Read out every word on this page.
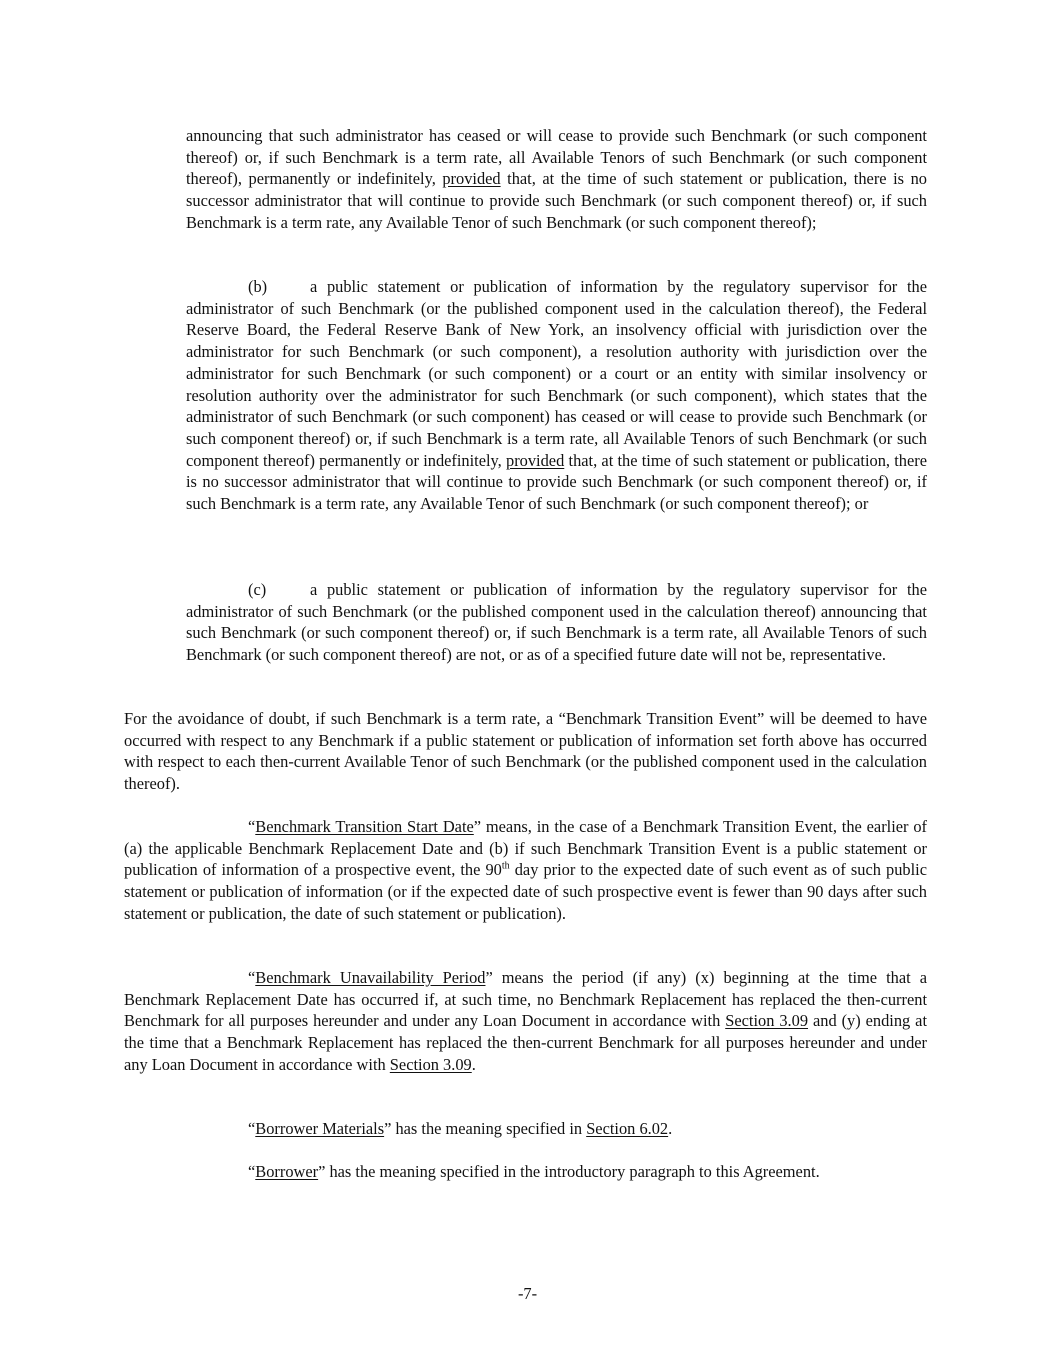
announcing that such administrator has ceased or will cease to provide such Benchmark (or such component thereof) or, if such Benchmark is a term rate, all Available Tenors of such Benchmark (or such component thereof), permanently or indefinitely, provided that, at the time of such statement or publication, there is no successor administrator that will continue to provide such Benchmark (or such component thereof) or, if such Benchmark is a term rate, any Available Tenor of such Benchmark (or such component thereof);

(b)	a public statement or publication of information by the regulatory supervisor for the administrator of such Benchmark (or the published component used in the calculation thereof), the Federal Reserve Board, the Federal Reserve Bank of New York, an insolvency official with jurisdiction over the administrator for such Benchmark (or such component), a resolution authority with jurisdiction over the administrator for such Benchmark (or such component) or a court or an entity with similar insolvency or resolution authority over the administrator for such Benchmark (or such component), which states that the administrator of such Benchmark (or such component) has ceased or will cease to provide such Benchmark (or such component thereof) or, if such Benchmark is a term rate, all Available Tenors of such Benchmark (or such component thereof) permanently or indefinitely, provided that, at the time of such statement or publication, there is no successor administrator that will continue to provide such Benchmark (or such component thereof) or, if such Benchmark is a term rate, any Available Tenor of such Benchmark (or such component thereof); or

(c)	a public statement or publication of information by the regulatory supervisor for the administrator of such Benchmark (or the published component used in the calculation thereof) announcing that such Benchmark (or such component thereof) or, if such Benchmark is a term rate, all Available Tenors of such Benchmark (or such component thereof) are not, or as of a specified future date will not be, representative.

For the avoidance of doubt, if such Benchmark is a term rate, a “Benchmark Transition Event” will be deemed to have occurred with respect to any Benchmark if a public statement or publication of information set forth above has occurred with respect to each then-current Available Tenor of such Benchmark (or the published component used in the calculation thereof).

“Benchmark Transition Start Date” means, in the case of a Benchmark Transition Event, the earlier of (a) the applicable Benchmark Replacement Date and (b) if such Benchmark Transition Event is a public statement or publication of information of a prospective event, the 90th day prior to the expected date of such event as of such public statement or publication of information (or if the expected date of such prospective event is fewer than 90 days after such statement or publication, the date of such statement or publication).

“Benchmark Unavailability Period” means the period (if any) (x) beginning at the time that a Benchmark Replacement Date has occurred if, at such time, no Benchmark Replacement has replaced the then-current Benchmark for all purposes hereunder and under any Loan Document in accordance with Section 3.09 and (y) ending at the time that a Benchmark Replacement has replaced the then-current Benchmark for all purposes hereunder and under any Loan Document in accordance with Section 3.09.

“Borrower Materials” has the meaning specified in Section 6.02.

“Borrower” has the meaning specified in the introductory paragraph to this Agreement.

-7-
